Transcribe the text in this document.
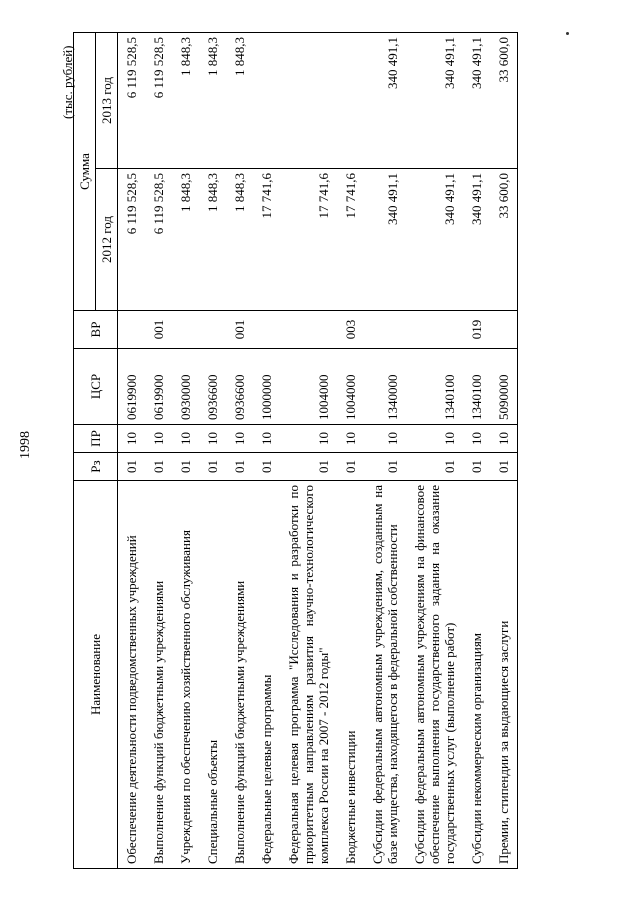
1998
(тыс. рублей)
Наименование	Рз	ПР	ЦСР	ВР	Сумма	
					2012 год	2013 год
Обеспечение деятельности подведомственных учреждений	01	10	0619900		6 119 528,5	6 119 528,5
Выполнение функций бюджетными учреждениями	01	10	0619900	001	6 119 528,5	6 119 528,5
Учреждения по обеспечению хозяйственного обслуживания	01	10	0930000		1 848,3	1 848,3
Специальные объекты	01	10	0936600		1 848,3	1 848,3
Выполнение функций бюджетными учреждениями	01	10	0936600	001	1 848,3	1 848,3
Федеральные целевые программы	01	10	1000000		17 741,6	
Федеральная целевая программа "Исследования и разработки по приоритетным направлениям развития научно-технологического комплекса России на 2007 - 2012 годы"	01	10	1004000		17 741,6	
Бюджетные инвестиции	01	10	1004000	003	17 741,6	
Субсидии федеральным автономным учреждениям, созданным на базе имущества, находящегося в федеральной собственности	01	10	1340000		340 491,1	340 491,1
Субсидии федеральным автономным учреждениям на финансовое обеспечение выполнения государственного задания на оказание государственных услуг (выполнение работ)	01	10	1340100		340 491,1	340 491,1
Субсидии некоммерческим организациям	01	10	1340100	019	340 491,1	340 491,1
Премии, стипендии за выдающиеся заслуги	01	10	5090000		33 600,0	33 600,0
